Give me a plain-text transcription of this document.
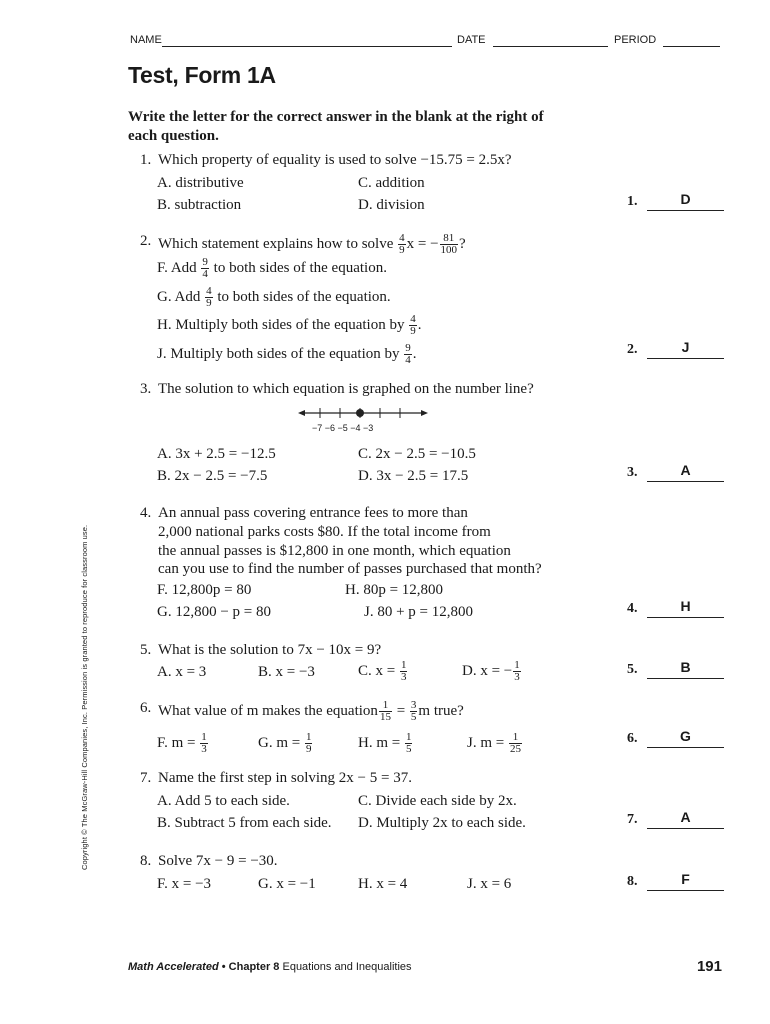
NAME	DATE	PERIOD
Test, Form 1A
Write the letter for the correct answer in the blank at the right of each question.
1. Which property of equality is used to solve −15.75 = 2.5x?
A. distributive	C. addition
B. subtraction	D. division	1.	D
2. Which statement explains how to solve $\frac{4}{9}$ x = − $\frac{81}{100}$ ?
F. Add $\frac{9}{4}$ to both sides of the equation.
G. Add $\frac{4}{9}$ to both sides of the equation.
H. Multiply both sides of the equation by $\frac{4}{9}$ .
J. Multiply both sides of the equation by $\frac{9}{4}$ .	2.	J
3. The solution to which equation is graphed on the number line?
−7 −6 −5 −4 −3
A. 3x + 2.5 = −12.5	C. 2x − 2.5 = −10.5
B. 2x − 2.5 = −7.5	D. 3x − 2.5 = 17.5	3.	A
4. An annual pass covering entrance fees to more than
2,000 national parks costs $80. If the total income from
the annual passes is $12,800 in one month, which equation
can you use to find the number of passes purchased that month?
F. 12,800p = 80	H. 80p = 12,800
G. 12,800 − p = 80	J. 80 + p = 12,800	4.	H
5. What is the solution to 7x − 10x = 9?
A. x = 3	B. x = −3	C. $x = \frac{1}{3}$	D. x = − $\frac{1}{3}$	5.	B
6. What value of m makes the equation $\frac{1}{15} = \frac{3}{5}$ m true?
F. $m = \frac{1}{3}$	G. $m = \frac{1}{9}$	H. $m = \frac{1}{5}$	J. $m = \frac{1}{25}$	6.	G
7. Name the first step in solving 2x − 5 = 37.
A. Add 5 to each side.	C. Divide each side by 2x.
B. Subtract 5 from each side. D. Multiply 2x to each side.	7.	A
8. Solve 7x − 9 = −30.
F. x = −3	G. x = −1	H. x = 4	J. x = 6	8.	F
Copyright © The McGraw-Hill Companies, Inc. Permission is granted to reproduce for classroom use.
Math Accelerated • Chapter 8 Equations and Inequalities	191
